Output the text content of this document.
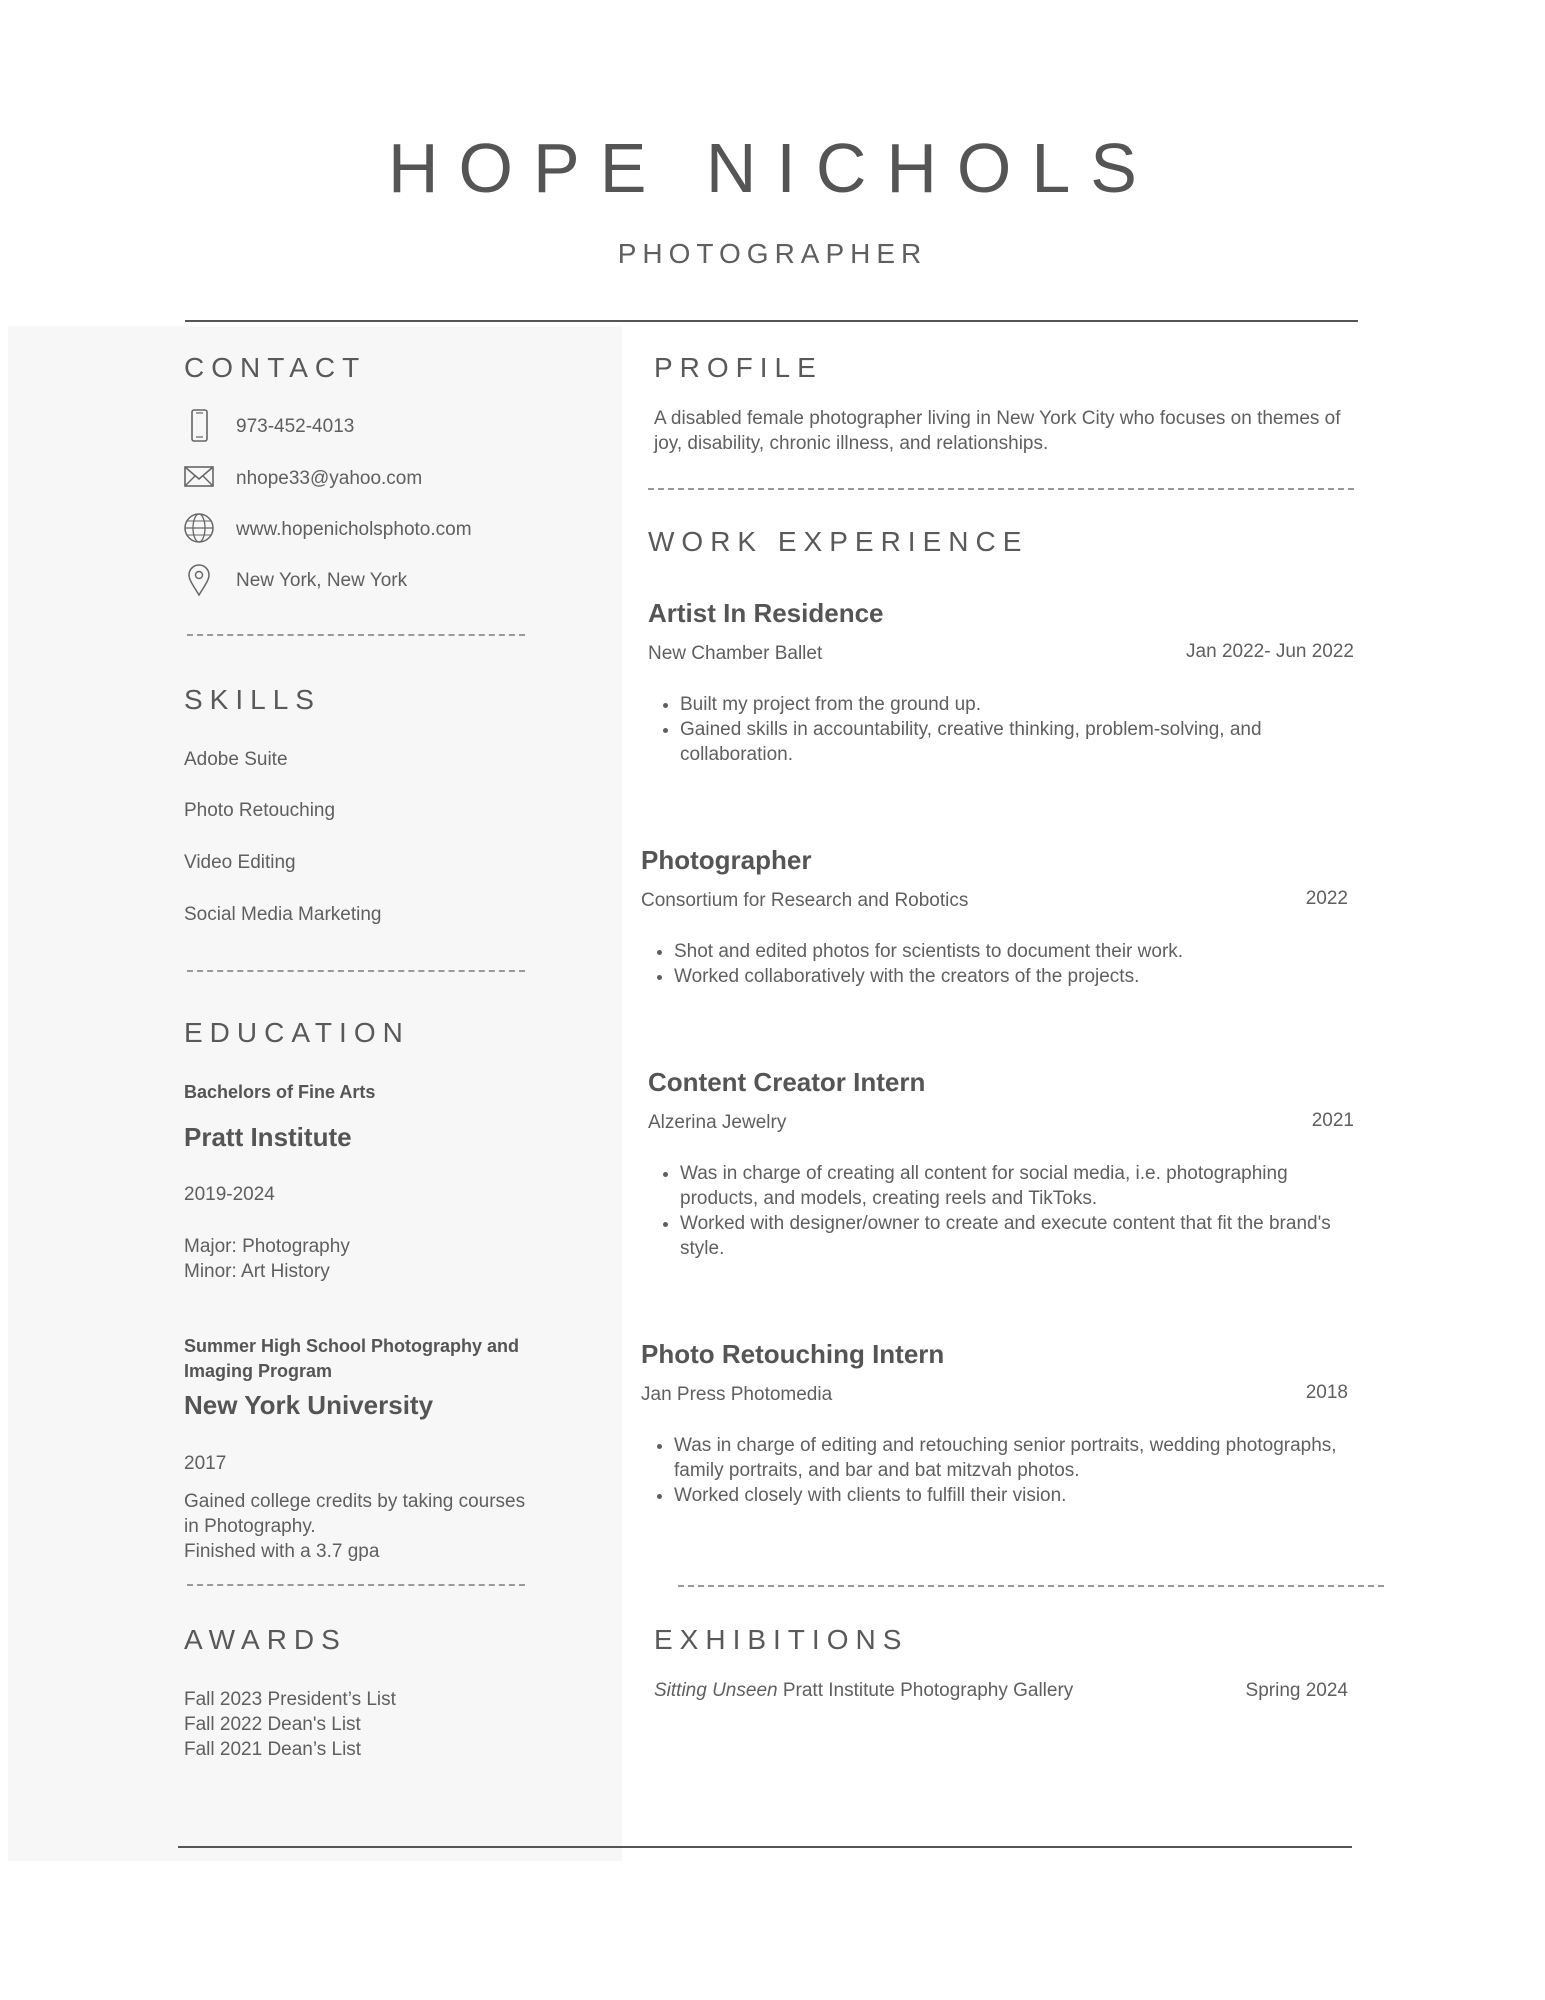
HOPE NICHOLS
PHOTOGRAPHER
CONTACT
973-452-4013
nhope33@yahoo.com
www.hopenicholsphoto.com
New York, New York
SKILLS
Adobe Suite
Photo Retouching
Video Editing
Social Media Marketing
EDUCATION
Bachelors of Fine Arts
Pratt Institute
2019-2024
Major: Photography
Minor: Art History
Summer High School Photography and
Imaging Program
New York University
2017
Gained college credits by taking courses
in Photography.
Finished with a 3.7 gpa
AWARDS
Fall 2023 President’s List
Fall 2022 Dean's List
Fall 2021 Dean’s List
PROFILE
A disabled female photographer living in New York City who focuses on themes of
joy, disability, chronic illness, and relationships.
WORK EXPERIENCE
Artist In Residence
New Chamber Ballet	Jan 2022- Jun 2022
• Built my project from the ground up.
• Gained skills in accountability, creative thinking, problem-solving, and collaboration.
Photographer
Consortium for Research and Robotics	2022
• Shot and edited photos for scientists to document their work.
• Worked collaboratively with the creators of the projects.
Content Creator Intern
Alzerina Jewelry	2021
• Was in charge of creating all content for social media, i.e. photographing products, and models, creating reels and TikToks.
• Worked with designer/owner to create and execute content that fit the brand's style.
Photo Retouching Intern
Jan Press Photomedia	2018
• Was in charge of editing and retouching senior portraits, wedding photographs, family portraits, and bar and bat mitzvah photos.
• Worked closely with clients to fulfill their vision.
EXHIBITIONS
Sitting Unseen Pratt Institute Photography Gallery	Spring 2024
